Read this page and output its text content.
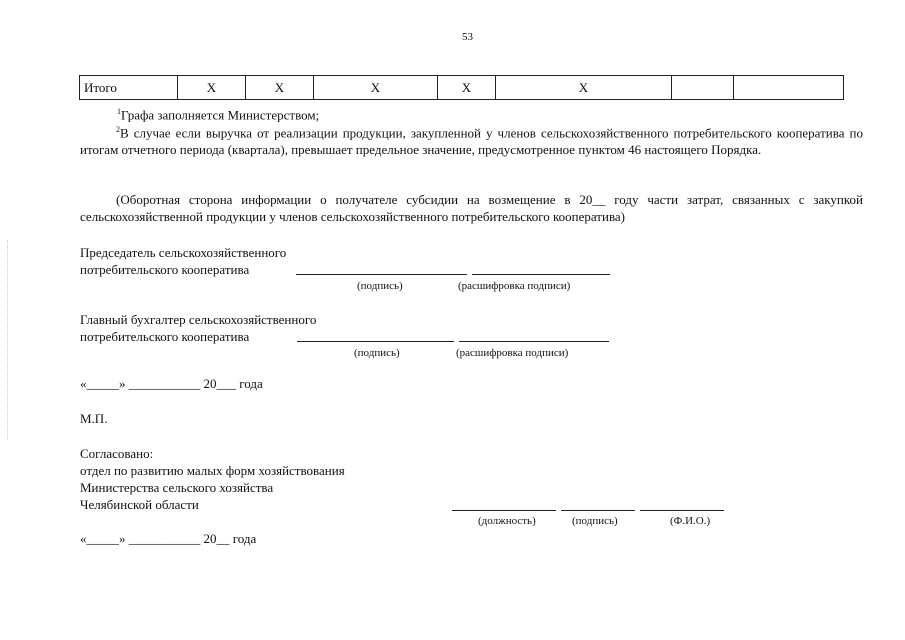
53
Итого	Х	Х	Х	Х	Х		
$^1$Графа заполняется Министерством;
$^2$В случае если выручка от реализации продукции, закупленной у членов сельскохозяйственного потребительского кооператива по итогам отчетного периода (квартала), превышает предельное значение, предусмотренное пунктом 46 настоящего Порядка.
(Оборотная сторона информации о получателе субсидии на возмещение в 20__ году части затрат, связанных с закупкой сельскохозяйственной продукции у членов сельскохозяйственного потребительского кооператива)
Председатель сельскохозяйственного
потребительского кооператива
(подпись)	(расшифровка подписи)
Главный бухгалтер сельскохозяйственного
потребительского кооператива
(подпись)	(расшифровка подписи)
«_____» ___________ 20___ года
М.П.
Согласовано:
отдел по развитию малых форм хозяйствования
Министерства сельского хозяйства
Челябинской области
(должность)	(подпись)	(Ф.И.О.)
«_____» ___________ 20__ года
